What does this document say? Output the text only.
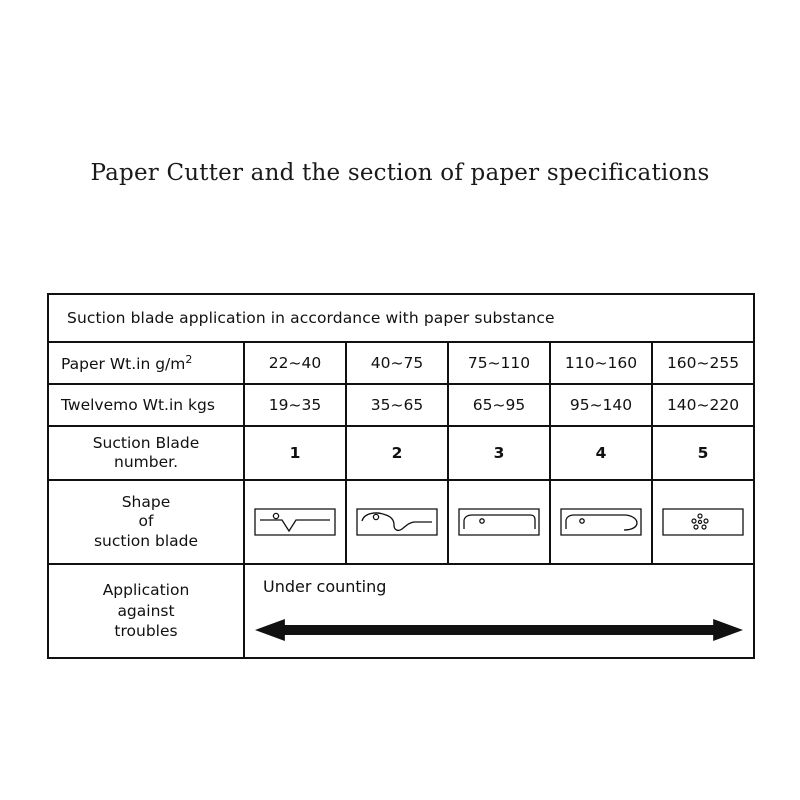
Paper Cutter and the section of paper specifications
Suction blade application in accordance with paper substance					
Paper Wt.in $g/m^2$	22~40	40~75	75~110	110~160	160~255
Twelvemo Wt.in kgs	19~35	35~65	65~95	95~140	140~220

Suction Blade
number.	1	2	3	4	5

Shape
of
suction blade

Application
against
troubles	Under counting				
